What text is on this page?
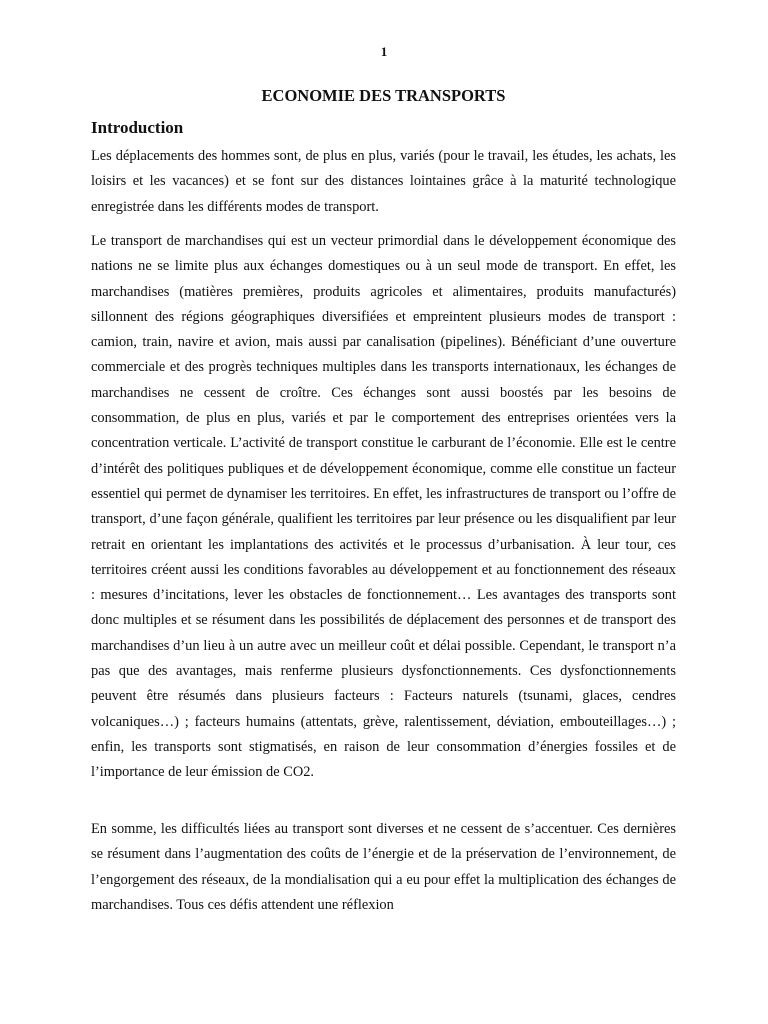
1
ECONOMIE DES TRANSPORTS
Introduction

Les déplacements des hommes sont, de plus en plus, variés (pour le travail, les études, les achats, les loisirs et les vacances) et se font sur des distances lointaines grâce à la maturité technologique enregistrée dans les différents modes de transport.

Le transport de marchandises qui est un vecteur primordial dans le développement économique des nations ne se limite plus aux échanges domestiques ou à un seul mode de transport. En effet, les marchandises (matières premières, produits agricoles et alimentaires, produits manufacturés) sillonnent des régions géographiques diversifiées et empreintent plusieurs modes de transport : camion, train, navire et avion, mais aussi par canalisation (pipelines). Bénéficiant d’une ouverture commerciale et des progrès techniques multiples dans les transports internationaux, les échanges de marchandises ne cessent de croître. Ces échanges sont aussi boostés par les besoins de consommation, de plus en plus, variés et par le comportement des entreprises orientées vers la concentration verticale. L’activité de transport constitue le carburant de l’économie. Elle est le centre d’intérêt des politiques publiques et de développement économique, comme elle constitue un facteur essentiel qui permet de dynamiser les territoires. En effet, les infrastructures de transport ou l’offre de transport, d’une façon générale, qualifient les territoires par leur présence ou les disqualifient par leur retrait en orientant les implantations des activités et le processus d’urbanisation. À leur tour, ces territoires créent aussi les conditions favorables au développement et au fonctionnement des réseaux : mesures d’incitations, lever les obstacles de fonctionnement… Les avantages des transports sont donc multiples et se résument dans les possibilités de déplacement des personnes et de transport des marchandises d’un lieu à un autre avec un meilleur coût et délai possible. Cependant, le transport n’a pas que des avantages, mais renferme plusieurs dysfonctionnements. Ces dysfonctionnements peuvent être résumés dans plusieurs facteurs : Facteurs naturels (tsunami, glaces, cendres volcaniques…) ; facteurs humains (attentats, grève, ralentissement, déviation, embouteillages…) ; enfin, les transports sont stigmatisés, en raison de leur consommation d’énergies fossiles et de l’importance de leur émission de CO2.

En somme, les difficultés liées au transport sont diverses et ne cessent de s’accentuer. Ces dernières se résument dans l’augmentation des coûts de l’énergie et de la préservation de l’environnement, de l’engorgement des réseaux, de la mondialisation qui a eu pour effet la multiplication des échanges de marchandises. Tous ces défis attendent une réflexion
